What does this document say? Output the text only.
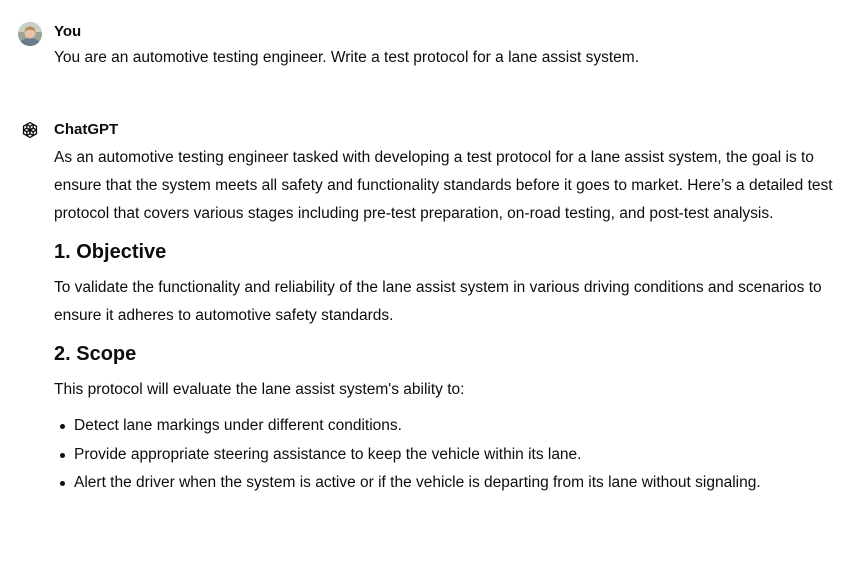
You
You are an automotive testing engineer. Write a test protocol for a lane assist system.
ChatGPT

As an automotive testing engineer tasked with developing a test protocol for a lane assist system, the goal is to ensure that the system meets all safety and functionality standards before it goes to market. Here’s a detailed test protocol that covers various stages including pre-test preparation, on-road testing, and post-test analysis.

1. Objective

To validate the functionality and reliability of the lane assist system in various driving conditions and scenarios to ensure it adheres to automotive safety standards.

2. Scope

This protocol will evaluate the lane assist system's ability to:

Detect lane markings under different conditions.
Provide appropriate steering assistance to keep the vehicle within its lane.
Alert the driver when the system is active or if the vehicle is departing from its lane without signaling.
